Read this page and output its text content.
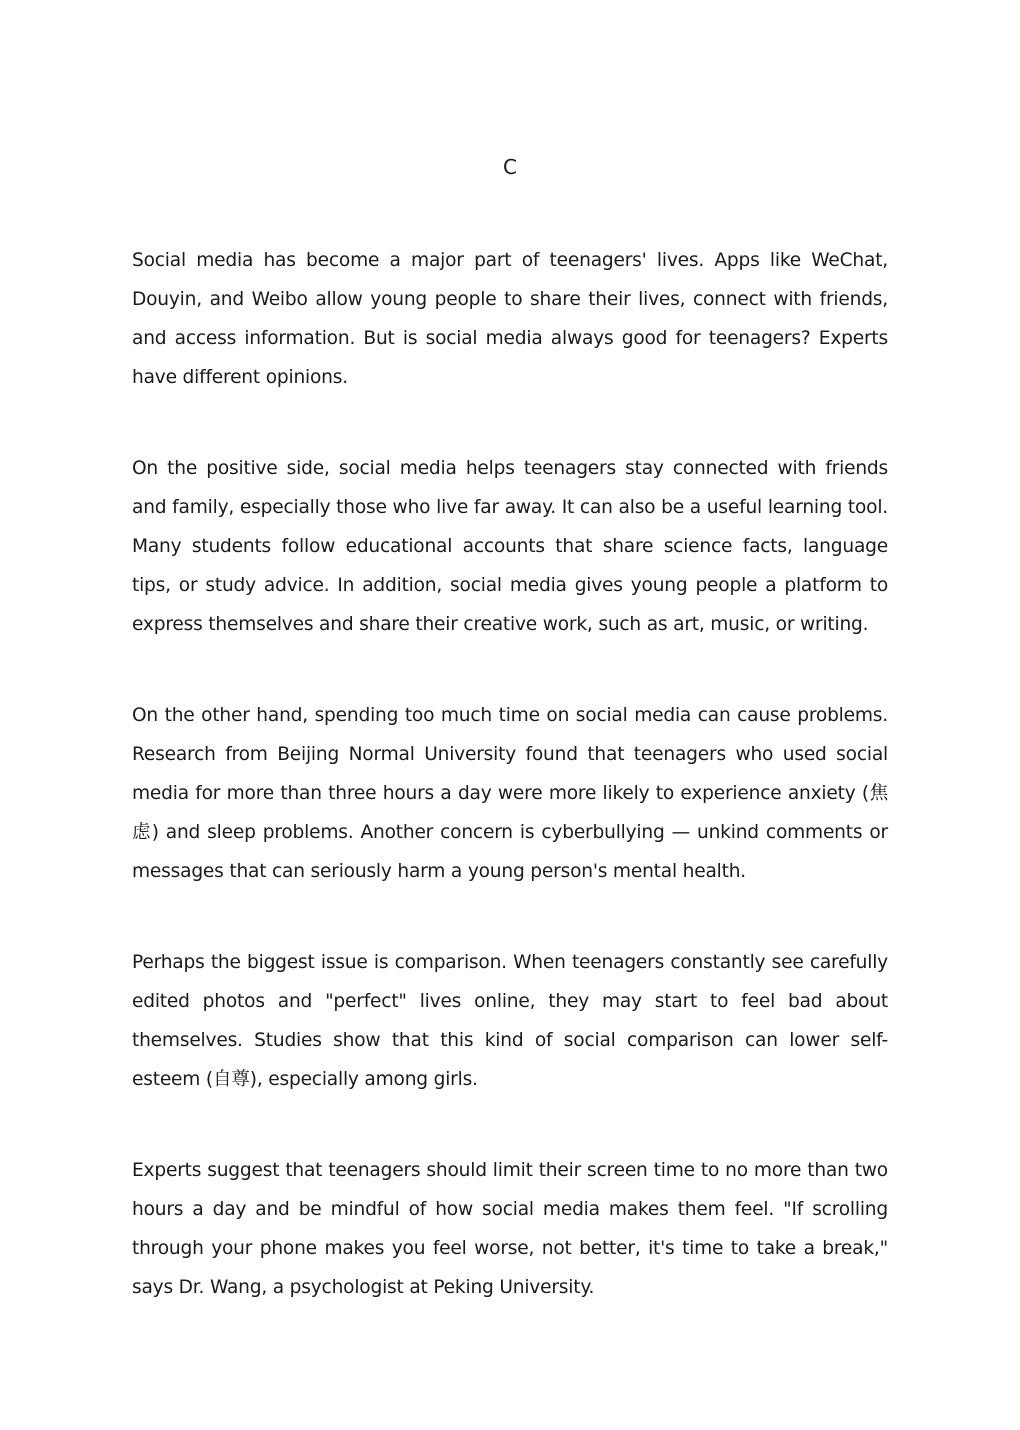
C

Social media has become a major part of teenagers' lives. Apps like WeChat, Douyin, and Weibo allow young people to share their lives, connect with friends, and access information. But is social media always good for teenagers? Experts have different opinions.

On the positive side, social media helps teenagers stay connected with friends and family, especially those who live far away. It can also be a useful learning tool. Many students follow educational accounts that share science facts, language tips, or study advice. In addition, social media gives young people a platform to express themselves and share their creative work, such as art, music, or writing.

On the other hand, spending too much time on social media can cause problems. Research from Beijing Normal University found that teenagers who used social media for more than three hours a day were more likely to experience anxiety (焦虑) and sleep problems. Another concern is cyberbullying — unkind comments or messages that can seriously harm a young person's mental health.

Perhaps the biggest issue is comparison. When teenagers constantly see carefully edited photos and "perfect" lives online, they may start to feel bad about themselves. Studies show that this kind of social comparison can lower self-esteem (自尊), especially among girls.

Experts suggest that teenagers should limit their screen time to no more than two hours a day and be mindful of how social media makes them feel. "If scrolling through your phone makes you feel worse, not better, it's time to take a break," says Dr. Wang, a psychologist at Peking University.
